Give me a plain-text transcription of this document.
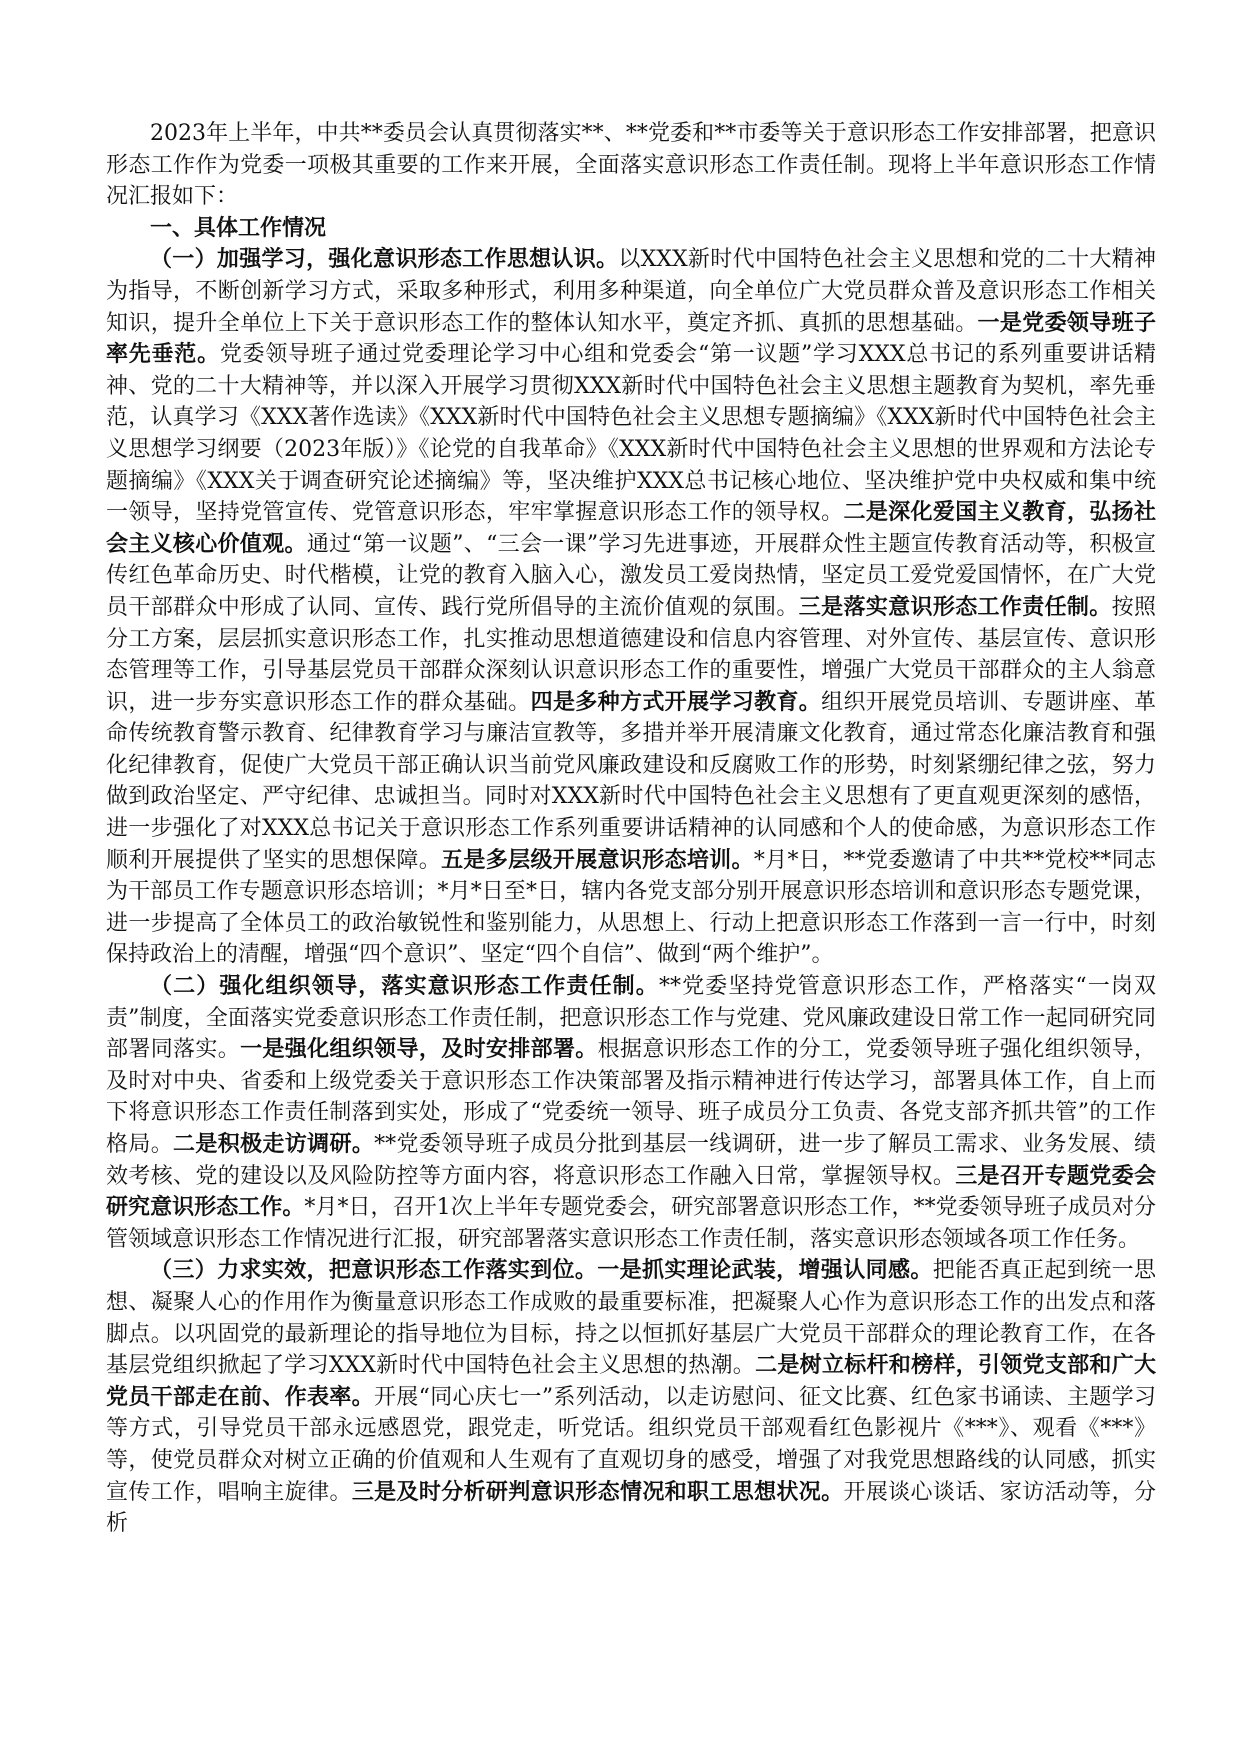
2023年上半年，中共**委员会认真贯彻落实**、**党委和**市委等关于意识形态工作安排部署，把意识形态工作作为党委一项极其重要的工作来开展，全面落实意识形态工作责任制。现将上半年意识形态工作情况汇报如下：

一、具体工作情况

（一）加强学习，强化意识形态工作思想认识。以XXX新时代中国特色社会主义思想和党的二十大精神为指导，不断创新学习方式，采取多种形式，利用多种渠道，向全单位广大党员群众普及意识形态工作相关知识，提升全单位上下关于意识形态工作的整体认知水平，奠定齐抓、真抓的思想基础。一是党委领导班子率先垂范。党委领导班子通过党委理论学习中心组和党委会“第一议题”学习XXX总书记的系列重要讲话精神、党的二十大精神等，并以深入开展学习贯彻XXX新时代中国特色社会主义思想主题教育为契机，率先垂范，认真学习《XXX著作选读》《XXX新时代中国特色社会主义思想专题摘编》《XXX新时代中国特色社会主义思想学习纲要（2023年版）》《论党的自我革命》《XXX新时代中国特色社会主义思想的世界观和方法论专题摘编》《XXX关于调查研究论述摘编》等，坚决维护XXX总书记核心地位、坚决维护党中央权威和集中统一领导，坚持党管宣传、党管意识形态，牢牢掌握意识形态工作的领导权。二是深化爱国主义教育，弘扬社会主义核心价值观。通过“第一议题”、“三会一课”学习先进事迹，开展群众性主题宣传教育活动等，积极宣传红色革命历史、时代楷模，让党的教育入脑入心，激发员工爱岗热情，坚定员工爱党爱国情怀，在广大党员干部群众中形成了认同、宣传、践行党所倡导的主流价值观的氛围。三是落实意识形态工作责任制。按照分工方案，层层抓实意识形态工作，扎实推动思想道德建设和信息内容管理、对外宣传、基层宣传、意识形态管理等工作，引导基层党员干部群众深刻认识意识形态工作的重要性，增强广大党员干部群众的主人翁意识，进一步夯实意识形态工作的群众基础。四是多种方式开展学习教育。组织开展党员培训、专题讲座、革命传统教育警示教育、纪律教育学习与廉洁宣教等，多措并举开展清廉文化教育，通过常态化廉洁教育和强化纪律教育，促使广大党员干部正确认识当前党风廉政建设和反腐败工作的形势，时刻紧绷纪律之弦，努力做到政治坚定、严守纪律、忠诚担当。同时对XXX新时代中国特色社会主义思想有了更直观更深刻的感悟，进一步强化了对XXX总书记关于意识形态工作系列重要讲话精神的认同感和个人的使命感，为意识形态工作顺利开展提供了坚实的思想保障。五是多层级开展意识形态培训。*月*日，**党委邀请了中共**党校**同志为干部员工作专题意识形态培训；*月*日至*日，辖内各党支部分别开展意识形态培训和意识形态专题党课，进一步提高了全体员工的政治敏锐性和鉴别能力，从思想上、行动上把意识形态工作落到一言一行中，时刻保持政治上的清醒，增强“四个意识”、坚定“四个自信”、做到“两个维护”。

（二）强化组织领导，落实意识形态工作责任制。**党委坚持党管意识形态工作，严格落实“一岗双责”制度，全面落实党委意识形态工作责任制，把意识形态工作与党建、党风廉政建设日常工作一起同研究同部署同落实。一是强化组织领导，及时安排部署。根据意识形态工作的分工，党委领导班子强化组织领导，及时对中央、省委和上级党委关于意识形态工作决策部署及指示精神进行传达学习，部署具体工作，自上而下将意识形态工作责任制落到实处，形成了“党委统一领导、班子成员分工负责、各党支部齐抓共管”的工作格局。二是积极走访调研。**党委领导班子成员分批到基层一线调研，进一步了解员工需求、业务发展、绩效考核、党的建设以及风险防控等方面内容，将意识形态工作融入日常，掌握领导权。三是召开专题党委会研究意识形态工作。*月*日，召开1次上半年专题党委会，研究部署意识形态工作，**党委领导班子成员对分管领域意识形态工作情况进行汇报，研究部署落实意识形态工作责任制，落实意识形态领域各项工作任务。

（三）力求实效，把意识形态工作落实到位。一是抓实理论武装，增强认同感。把能否真正起到统一思想、凝聚人心的作用作为衡量意识形态工作成败的最重要标准，把凝聚人心作为意识形态工作的出发点和落脚点。以巩固党的最新理论的指导地位为目标，持之以恒抓好基层广大党员干部群众的理论教育工作，在各基层党组织掀起了学习XXX新时代中国特色社会主义思想的热潮。二是树立标杆和榜样，引领党支部和广大党员干部走在前、作表率。开展“同心庆七一”系列活动，以走访慰问、征文比赛、红色家书诵读、主题学习等方式，引导党员干部永远感恩党，跟党走，听党话。组织党员干部观看红色影视片《***》、观看《***》等，使党员群众对树立正确的价值观和人生观有了直观切身的感受，增强了对我党思想路线的认同感，抓实宣传工作，唱响主旋律。三是及时分析研判意识形态情况和职工思想状况。开展谈心谈话、家访活动等，分析
